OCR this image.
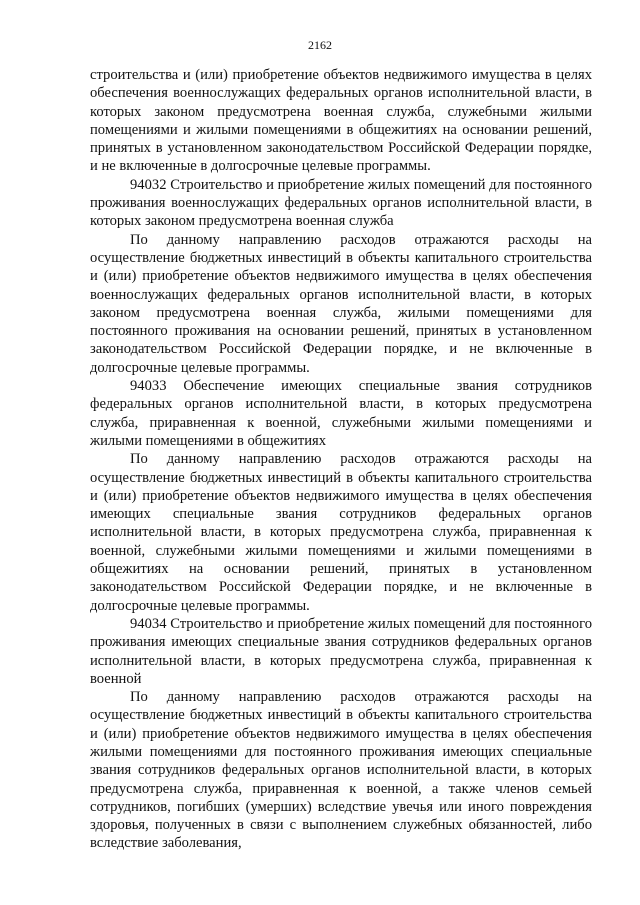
2162

строительства и (или) приобретение объектов недвижимого имущества в целях обеспечения военнослужащих федеральных органов исполнительной власти, в которых законом предусмотрена военная служба, служебными жилыми помещениями и жилыми помещениями в общежитиях на основании решений, принятых в установленном законодательством Российской Федерации порядке, и не включенные в долгосрочные целевые программы.

94032 Строительство и приобретение жилых помещений для постоянного проживания военнослужащих федеральных органов исполнительной власти, в которых законом предусмотрена военная служба

По данному направлению расходов отражаются расходы на осуществление бюджетных инвестиций в объекты капитального строительства и (или) приобретение объектов недвижимого имущества в целях обеспечения военнослужащих федеральных органов исполнительной власти, в которых законом предусмотрена военная служба, жилыми помещениями для постоянного проживания на основании решений, принятых в установленном законодательством Российской Федерации порядке, и не включенные в долгосрочные целевые программы.

94033 Обеспечение имеющих специальные звания сотрудников федеральных органов исполнительной власти, в которых предусмотрена служба, приравненная к военной, служебными жилыми помещениями и жилыми помещениями в общежитиях

По данному направлению расходов отражаются расходы на осуществление бюджетных инвестиций в объекты капитального строительства и (или) приобретение объектов недвижимого имущества в целях обеспечения имеющих специальные звания сотрудников федеральных органов исполнительной власти, в которых предусмотрена служба, приравненная к военной, служебными жилыми помещениями и жилыми помещениями в общежитиях на основании решений, принятых в установленном законодательством Российской Федерации порядке, и не включенные в долгосрочные целевые программы.

94034 Строительство и приобретение жилых помещений для постоянного проживания имеющих специальные звания сотрудников федеральных органов исполнительной власти, в которых предусмотрена служба, приравненная к военной

По данному направлению расходов отражаются расходы на осуществление бюджетных инвестиций в объекты капитального строительства и (или) приобретение объектов недвижимого имущества в целях обеспечения жилыми помещениями для постоянного проживания имеющих специальные звания сотрудников федеральных органов исполнительной власти, в которых предусмотрена служба, приравненная к военной, а также членов семьей сотрудников, погибших (умерших) вследствие увечья или иного повреждения здоровья, полученных в связи с выполнением служебных обязанностей, либо вследствие заболевания,
